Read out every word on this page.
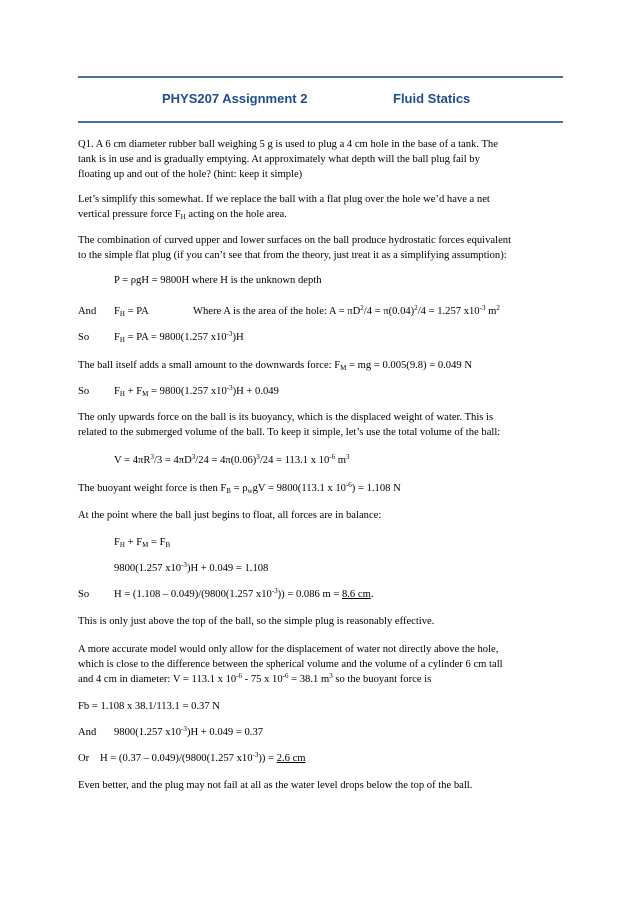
PHYS207 Assignment 2	Fluid Statics
Q1. A 6 cm diameter rubber ball weighing 5 g is used to plug a 4 cm hole in the base of a tank. The
tank is in use and is gradually emptying. At approximately what depth will the ball plug fail by
floating up and out of the hole? (hint: keep it simple)
Let’s simplify this somewhat. If we replace the ball with a flat plug over the hole we’d have a net
vertical pressure force $F_H$ acting on the hole area.
The combination of curved upper and lower surfaces on the ball produce hydrostatic forces equivalent
to the simple flat plug (if you can’t see that from the theory, just treat it as a simplifying assumption):
P = ρgH = 9800H where H is the unknown depth
And $F_H$ = PA	Where A is the area of the hole: $A = \pi D^2/4 = \pi(0.04)^2/4 = 1.257$ $x10^{-3}$ $m^2$
So $F_H$ = PA = 9800(1.257 $x10^{-3})H$
The ball itself adds a small amount to the downwards force: $F_M$ = mg = 0.005(9.8) = 0.049 N
So $F_H + F_M = 9800(1.257$ $x10^{-3})H + 0.049$
The only upwards force on the ball is its buoyancy, which is the displaced weight of water. This is
related to the submerged volume of the ball. To keep it simple, let’s use the total volume of the ball:
$V = 4\pi R^3/3 = 4\pi D^3/24 = 4\pi(0.06)^3/24 = 113.1$ x $10^{-6}$ $m^3$
The buoyant weight force is then $F_B = \rho_wgV = 9800(113.1$ x $10^{-6}) = 1.108$ N
At the point where the ball just begins to float, all forces are in balance:
$F_H + F_M = F_B$
9800(1.257 $x10^{-3})H + 0.049 = 1.108$
So H = (1.108 – 0.049)/(9800(1.257 $x10^{-3})) = 0.086$ m = 8.6 cm.
This is only just above the top of the ball, so the simple plug is reasonably effective.
A more accurate model would only allow for the displacement of water not directly above the hole,
which is close to the difference between the spherical volume and the volume of a cylinder 6 cm tall
and 4 cm in diameter: V = 113.1 x $10^{-6} - 75$ x $10^{-6} = 38.1$ $m^3$ so the buoyant force is
Fb = 1.108 x 38.1/113.1 = 0.37 N
And 9800(1.257 $x10^{-3})H + 0.049 = 0.37$
Or H = (0.37 – 0.049)/(9800(1.257 $x10^{-3})) = 2.6$ cm
Even better, and the plug may not fail at all as the water level drops below the top of the ball.
